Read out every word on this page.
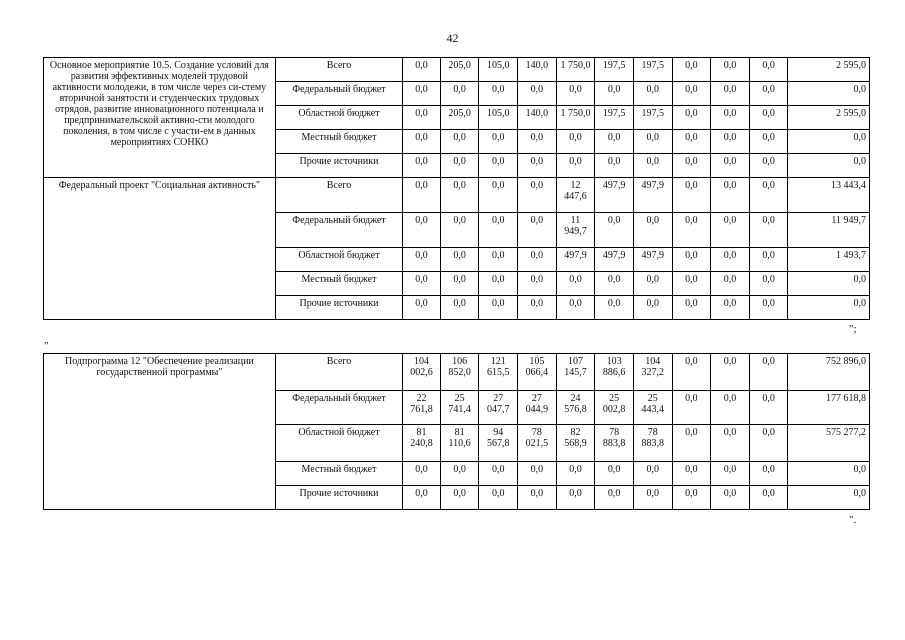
42
Основное мероприятие 10.5. Создание условий для развития эффективных моделей трудовой активности молодежи, в том числе через си-стему вторичной занятости и студенческих трудовых отрядов, развитие инновационного потенциала и предпринимательской активно-сти молодого поколения, в том числе с участи-ем в данных мероприятиях СОНКО	Всего	0,0	205,0	105,0	140,0	1 750,0	197,5	197,5	0,0	0,0	0,0	2 595,0
	Федеральный бюджет	0,0	0,0	0,0	0,0	0,0	0,0	0,0	0,0	0,0	0,0	0,0
	Областной бюджет	0,0	205,0	105,0	140,0	1 750,0	197,5	197,5	0,0	0,0	0,0	2 595,0
	Местный бюджет	0,0	0,0	0,0	0,0	0,0	0,0	0,0	0,0	0,0	0,0	0,0
	Прочие источники	0,0	0,0	0,0	0,0	0,0	0,0	0,0	0,0	0,0	0,0	0,0
Федеральный проект "Социальная активность"	Всего	0,0	0,0	0,0	0,0	12 447,6	497,9	497,9	0,0	0,0	0,0	13 443,4
	Федеральный бюджет	0,0	0,0	0,0	0,0	11 949,7	0,0	0,0	0,0	0,0	0,0	11 949,7
	Областной бюджет	0,0	0,0	0,0	0,0	497,9	497,9	497,9	0,0	0,0	0,0	1 493,7
	Местный бюджет	0,0	0,0	0,0	0,0	0,0	0,0	0,0	0,0	0,0	0,0	0,0
	Прочие источники	0,0	0,0	0,0	0,0	0,0	0,0	0,0	0,0	0,0	0,0	0,0
";
"
Подпрограмма 12 "Обеспечение реализации государственной программы"	Всего	104 002,6	106 852,0	121 615,5	105 066,4	107 145,7	103 886,6	104 327,2	0,0	0,0	0,0	752 896,0
	Федеральный бюджет	22 761,8	25 741,4	27 047,7	27 044,9	24 576,8	25 002,8	25 443,4	0,0	0,0	0,0	177 618,8
	Областной бюджет	81 240,8	81 110,6	94 567,8	78 021,5	82 568,9	78 883,8	78 883,8	0,0	0,0	0,0	575 277,2
	Местный бюджет	0,0	0,0	0,0	0,0	0,0	0,0	0,0	0,0	0,0	0,0	0,0
	Прочие источники	0,0	0,0	0,0	0,0	0,0	0,0	0,0	0,0	0,0	0,0	0,0
".
